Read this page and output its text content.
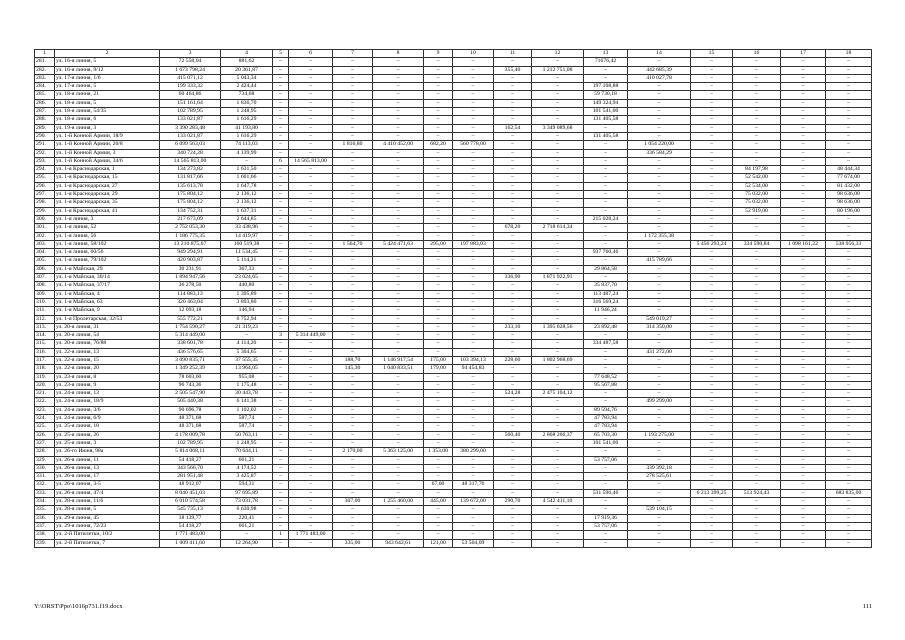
1	2	3	4	5	6	7	8	9	10	11	12	13	14	15	16	17	18
281.	ул. 16-я линия, 5	72 558,04	881,62	–	–	–	–	–	–	–	–	71676,42	–	–	–	–	–
282.	ул. 16-я линия, 9/12	1 673 798,24	20 361,87	–	–	–	–	–	–	355,40	1 212 751,08	–	442 685,39	–	–	–	–
283.	ул. 17-я линия, 1/6	415 071,12	5 043,34	–	–	–	–	–	–	–	–	–	410 027,78	–	–	–	–
284.	ул. 17-я линия, 5	199 333,32	2 424,44	–	–	–	–	–	–	–	–	197 108,88	–	–	–	–	–
285.	ул. 18-я линия, 21	60 464,86	734,68	–	–	–	–	–	–	–	–	59 730,18	–	–	–	–	–
286.	ул. 18-я линия, 5	151 161,64	1 836,70	–	–	–	–	–	–	–	–	149 324,94	–	–	–	–	–
287.	ул. 18-я линия, 54/35	102 789,95	1 248,95	–	–	–	–	–	–	–	–	101 541,00	–	–	–	–	–
288.	ул. 18-я линия, 6	133 021,87	1 616,29	–	–	–	–	–	–	–	–	131 405,58	–	–	–	–	–
289.	ул. 19-я линия, 3	3 390 283,48	41 193,80	–	–	–	–	–	–	162,54	3 349 089,68	–	–	–	–	–	–
290.	ул. 1-й Конной Армии, 18/9	133 021,87	1 616,29	–	–	–	–	–	–	–	–	131 405,58	–	–	–	–	–
291.	ул. 1-й Конной Армии, 20/8	6 099 563,03	74 113,03	–	–	1 816,80	4 410 452,00	682,20	560 778,00	–	–	–	1 054 220,00	–	–	–	–
292.	ул. 1-й Конной Армии, 3	340 724,28	4 139,99	–	–	–	–	–	–	–	–	–	336 584,29	–	–	–	–
293.	ул. 1-й Конной Армии, 34/6	14 565 813,00	–	6	14 565 813,00	–	–	–	–	–	–	–	–	–	–	–	–
294.	ул. 1-я Краснодарская, 1	134 273,82	1 631,50	–	–	–	–	–	–	–	–	–	–	–	84 197,98	–	48 444,34
295.	ул. 1-я Краснодарская, 15	131 817,66	1 601,66	–	–	–	–	–	–	–	–	–	–	–	52 542,00	–	77 674,00
296.	ул. 1-я Краснодарская, 27	135 613,78	1 647,78	–	–	–	–	–	–	–	–	–	–	–	52 534,00	–	81 432,00
297.	ул. 1-я Краснодарская, 29	175 804,12	2 136,12	–	–	–	–	–	–	–	–	–	–	–	75 032,00	–	98 636,00
298.	ул. 1-я Краснодарская, 35	175 804,12	2 136,12	–	–	–	–	–	–	–	–	–	–	–	75 032,00	–	98 636,00
299.	ул. 1-я Краснодарская, 41	134 752,31	1 637,31	–	–	–	–	–	–	–	–	–	–	–	52 919,00	–	80 196,00
300.	ул. 1-я линия, 3	217 673,09	2 644,85	–	–	–	–	–	–	–	–	215 028,24	–	–	–	–	–
301.	ул. 1-я линия, 52	2 752 053,30	33 438,96	–	–	–	–	–	–	678,20	2 718 614,34	–	–	–	–	–	–
302.	ул. 1-я линия, 56	1 186 775,35	14 419,97	–	–	–	–	–	–	–	–	–	1 172 355,38	–	–	–	–
303.	ул. 1-я линия, 58/102	13 210 875,67	160 519,38	–	–	1 564,70	5 424 471,63	295,00	197 883,03	–	–	–	–	5 456 293,24	334 590,84	1 098 161,22	538 956,33
304.	ул. 1-я линия, 60/56	949 294,91	11 534,45	–	–	–	–	–	–	–	–	937 760,46	–	–	–	–	–
305.	ул. 1-я линия, 79/102	420 903,87	5 114,21	–	–	–	–	–	–	–	–	–	415 789,66	–	–	–	–
306.	ул. 1-я Майская, 29	30 231,91	367,33	–	–	–	–	–	–	–	–	29 864,58	–	–	–	–	–
307.	ул. 1-я Майская, 30/14	1 894 947,56	23 024,65	–	–	–	–	–	–	336,90	1 871 922,91	–	–	–	–	–	–
308.	ул. 1-я Майская, 37/17	36 278,50	440,80	–	–	–	–	–	–	–	–	35 837,70	–	–	–	–	–
309.	ул. 1-я Майская, 4	114 883,13	1 395,89	–	–	–	–	–	–	–	–	113 487,24	–	–	–	–	–
310.	ул. 1-я Майская, 63	320 463,04	3 893,80	–	–	–	–	–	–	–	–	316 569,24	–	–	–	–	–
311.	ул. 1-я Майская, 9	12 093,18	146,94	–	–	–	–	–	–	–	–	11 946,24	–	–	–	–	–
312.	ул. 1-я Пролетарская, 32/53	555 772,21	6 752,94	–	–	–	–	–	–	–	–	–	549 019,27	–	–	–	–
313.	ул. 20-я линия, 31	1 754 590,27	21 319,23	–	–	–	–	–	–	233,10	1 395 028,56	23 892,48	314 350,00	–	–	–	–
314.	ул. 20-я линия, 54	5 314 449,00	–	3	5 314 449,00	–	–	–	–	–	–	–	–	–	–	–	–
315.	ул. 20-я линия, 76/88	338 601,78	4 114,20	–	–	–	–	–	–	–	–	334 487,58	–	–	–	–	–
316.	ул. 22-я линия, 13	436 576,65	5 304,65	–	–	–	–	–	–	–	–	–	431 272,00	–	–	–	–
317.	ул. 22-я линия, 15	3 090 835,71	37 555,35	–	–	188,70	1 146 917,54	175,00	103 394,13	228,60	1 802 968,69	–	–	–	–	–	–
318.	ул. 22-я линия, 20	1 349 252,39	13 964,05	–	–	145,30	1 040 833,51	179,00	94 454,83	–	–	–	–	–	–	–	–
319.	ул. 23-я линия, 8	78 603,60	955,08	–	–	–	–	–	–	–	–	77 648,52	–	–	–	–	–
320.	ул. 23-я линия, 9	96 743,36	1 175,48	–	–	–	–	–	–	–	–	95 567,88	–	–	–	–	–
321.	ул. 24-я линия, 13	2 505 547,90	30 443,78	–	–	–	–	–	–	524,28	2 475 104,12	–	–	–	–	–	–
322.	ул. 24-я линия, 18/9	505 440,38	6 141,38	–	–	–	–	–	–	–	–	–	499 299,00	–	–	–	–
323.	ул. 24-я линия, 3/6	90 696,78	1 102,02	–	–	–	–	–	–	–	–	89 594,76	–	–	–	–	–
324.	ул. 24-я линия, 6/9	48 371,68	587,74	–	–	–	–	–	–	–	–	47 783,94	–	–	–	–	–
325.	ул. 25-я линия, 18	48 371,68	587,74	–	–	–	–	–	–	–	–	47 783,94	–	–	–	–	–
326.	ул. 25-я линия, 26	4 178 009,78	50 763,11	–	–	–	–	–	–	560,40	2 868 266,37	65 703,30	1 193 275,00	–	–	–	–
327.	ул. 25-я линия, 3	102 789,95	1 248,95	–	–	–	–	–	–	–	–	101 541,00	–	–	–	–	–
328.	ул. 26-го Июня, 98а	5 814 068,11	70 644,11	–	–	2 170,00	5 363 125,00	1 353,00	380 299,00	–	–	–	–	–	–	–	–
329.	ул. 26-я линия, 11	54 418,27	661,21	–	–	–	–	–	–	–	–	53 757,06	–	–	–	–	–
330.	ул. 26-я линия, 13	343 566,70	4 174,52	–	–	–	–	–	–	–	–	–	339 392,18	–	–	–	–
331.	ул. 26-я линия, 17	281 951,48	3 425,87	–	–	–	–	–	–	–	–	–	278 525,61	–	–	–	–
332.	ул. 26-я линия, 3-5	48 912,07	594,31	–	–	–	–	67,00	48 317,76	–	–	–	–	–	–	–	–
333.	ул. 26-я линия, 47/4	8 040 451,03	97 695,89	–	–	–	–	–	–	–	–	531 596,46	–	6 213 399,25	513 924,43	–	683 835,00
334.	ул. 28-я линия, 11/6	6 010 574,58	73 031,78	–	–	307,00	1 255 460,00	445,00	139 672,00	290,70	4 542 411,10	–	–	–	–	–	–
335.	ул. 28-я линия, 5	545 735,13	6 630,98	–	–	–	–	–	–	–	–	–	539 104,15	–	–	–	–
336.	ул. 29-я линия, 45	18 139,77	220,41	–	–	–	–	–	–	–	–	17 919,36	–	–	–	–	–
337.	ул. 29-я линия, 72/23	54 418,27	661,21	–	–	–	–	–	–	–	–	53 757,06	–	–	–	–	–
338.	ул. 2-й Пятилетки, 10/2	1 771 483,00	–	1	1 771 483,00	–	–	–	–	–	–	–	–	–	–	–	–
339.	ул. 2-й Пятилетки, 7	1 009 411,60	12 264,90	–	–	335,00	943 642,61	121,00	53 504,09	–	–	–	–	–	–	–	–
Y:\ORST\Ppo\1016p731.f19.docx	111
